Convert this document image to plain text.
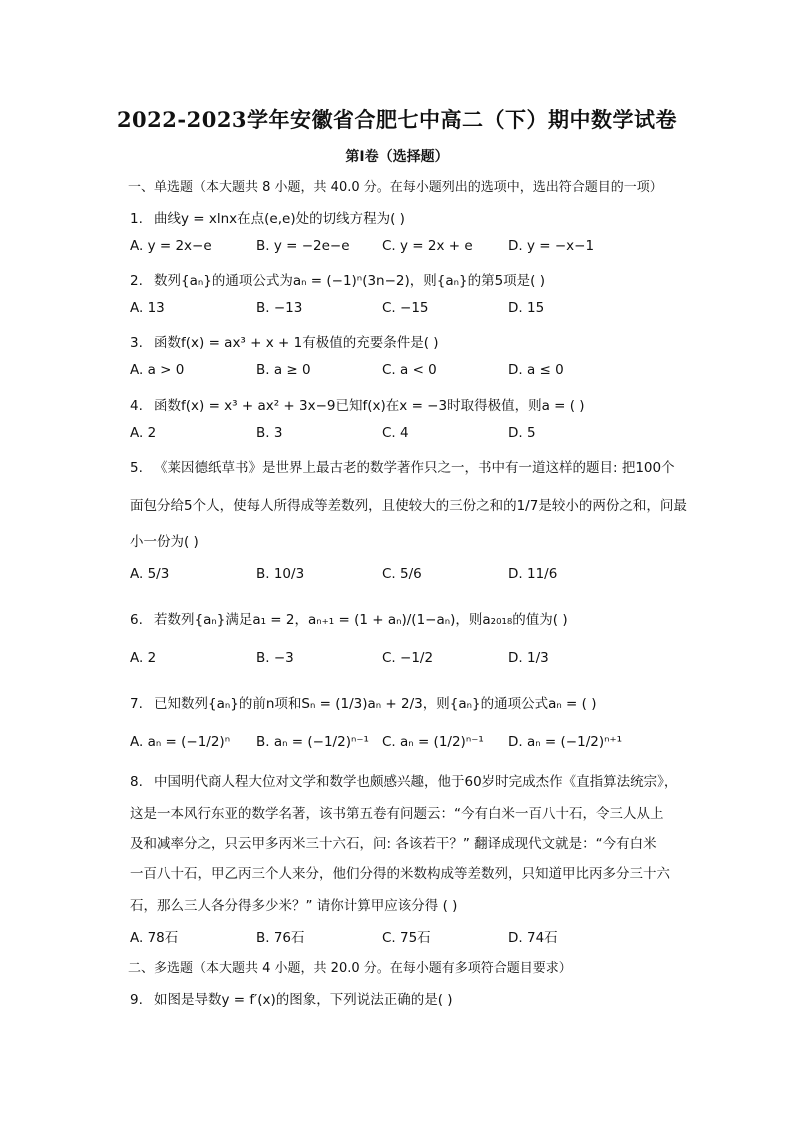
2022-2023学年安徽省合肥七中高二（下）期中数学试卷
第I卷（选择题）
一、单选题（本大题共 8 小题，共 40.0 分。在每小题列出的选项中，选出符合题目的一项）
1. 曲线y = xlnx在点(e,e)处的切线方程为( )
A. y = 2x−e	B. y = −2e−e C. y = 2x + e	D. y = −x−1
2. 数列{aₙ}的通项公式为aₙ = (−1)ⁿ(3n−2)，则{aₙ}的第5项是( )
A. 13	B. −13	C. −15	D. 15
3. 函数f(x) = ax³ + x + 1有极值的充要条件是( )
A. a > 0	B. a ≥ 0	C. a < 0	D. a ≤ 0
4. 函数f(x) = x³ + ax² + 3x−9已知f(x)在x = −3时取得极值，则a = ( )
A. 2	B. 3	C. 4	D. 5
5. 《莱因德纸草书》是世界上最古老的数学著作只之一，书中有一道这样的题目: 把100个
面包分给5个人，使每人所得成等差数列，且使较大的三份之和的1/7是较小的两份之和，问最
小一份为( )
A. 5/3	B. 10/3	C. 5/6	D. 11/6
6. 若数列{aₙ}满足a₁ = 2，aₙ₊₁ = (1 + aₙ)/(1−aₙ)，则a₂₀₁₈的值为( )
A. 2	B. −3	C. −1/2	D. 1/3
7. 已知数列{aₙ}的前n项和Sₙ = (1/3)aₙ + 2/3，则{aₙ}的通项公式aₙ = ( )
A. aₙ = (−1/2)ⁿ B. aₙ = (−1/2)ⁿ⁻¹ C. aₙ = (1/2)ⁿ⁻¹ D. aₙ = (−1/2)ⁿ⁺¹
8. 中国明代商人程大位对文学和数学也颇感兴趣，他于60岁时完成杰作《直指算法统宗》，
这是一本风行东亚的数学名著，该书第五卷有问题云：“今有白米一百八十石，令三人从上
及和减率分之，只云甲多丙米三十六石，问: 各该若干？” 翻译成现代文就是：“今有白米
一百八十石，甲乙丙三个人来分，他们分得的米数构成等差数列，只知道甲比丙多分三十六
石，那么三人各分得多少米？” 请你计算甲应该分得 ( )
A. 78石	B. 76石	C. 75石	D. 74石
二、多选题（本大题共 4 小题，共 20.0 分。在每小题有多项符合题目要求）
9. 如图是导数y = f′(x)的图象，下列说法正确的是( )
